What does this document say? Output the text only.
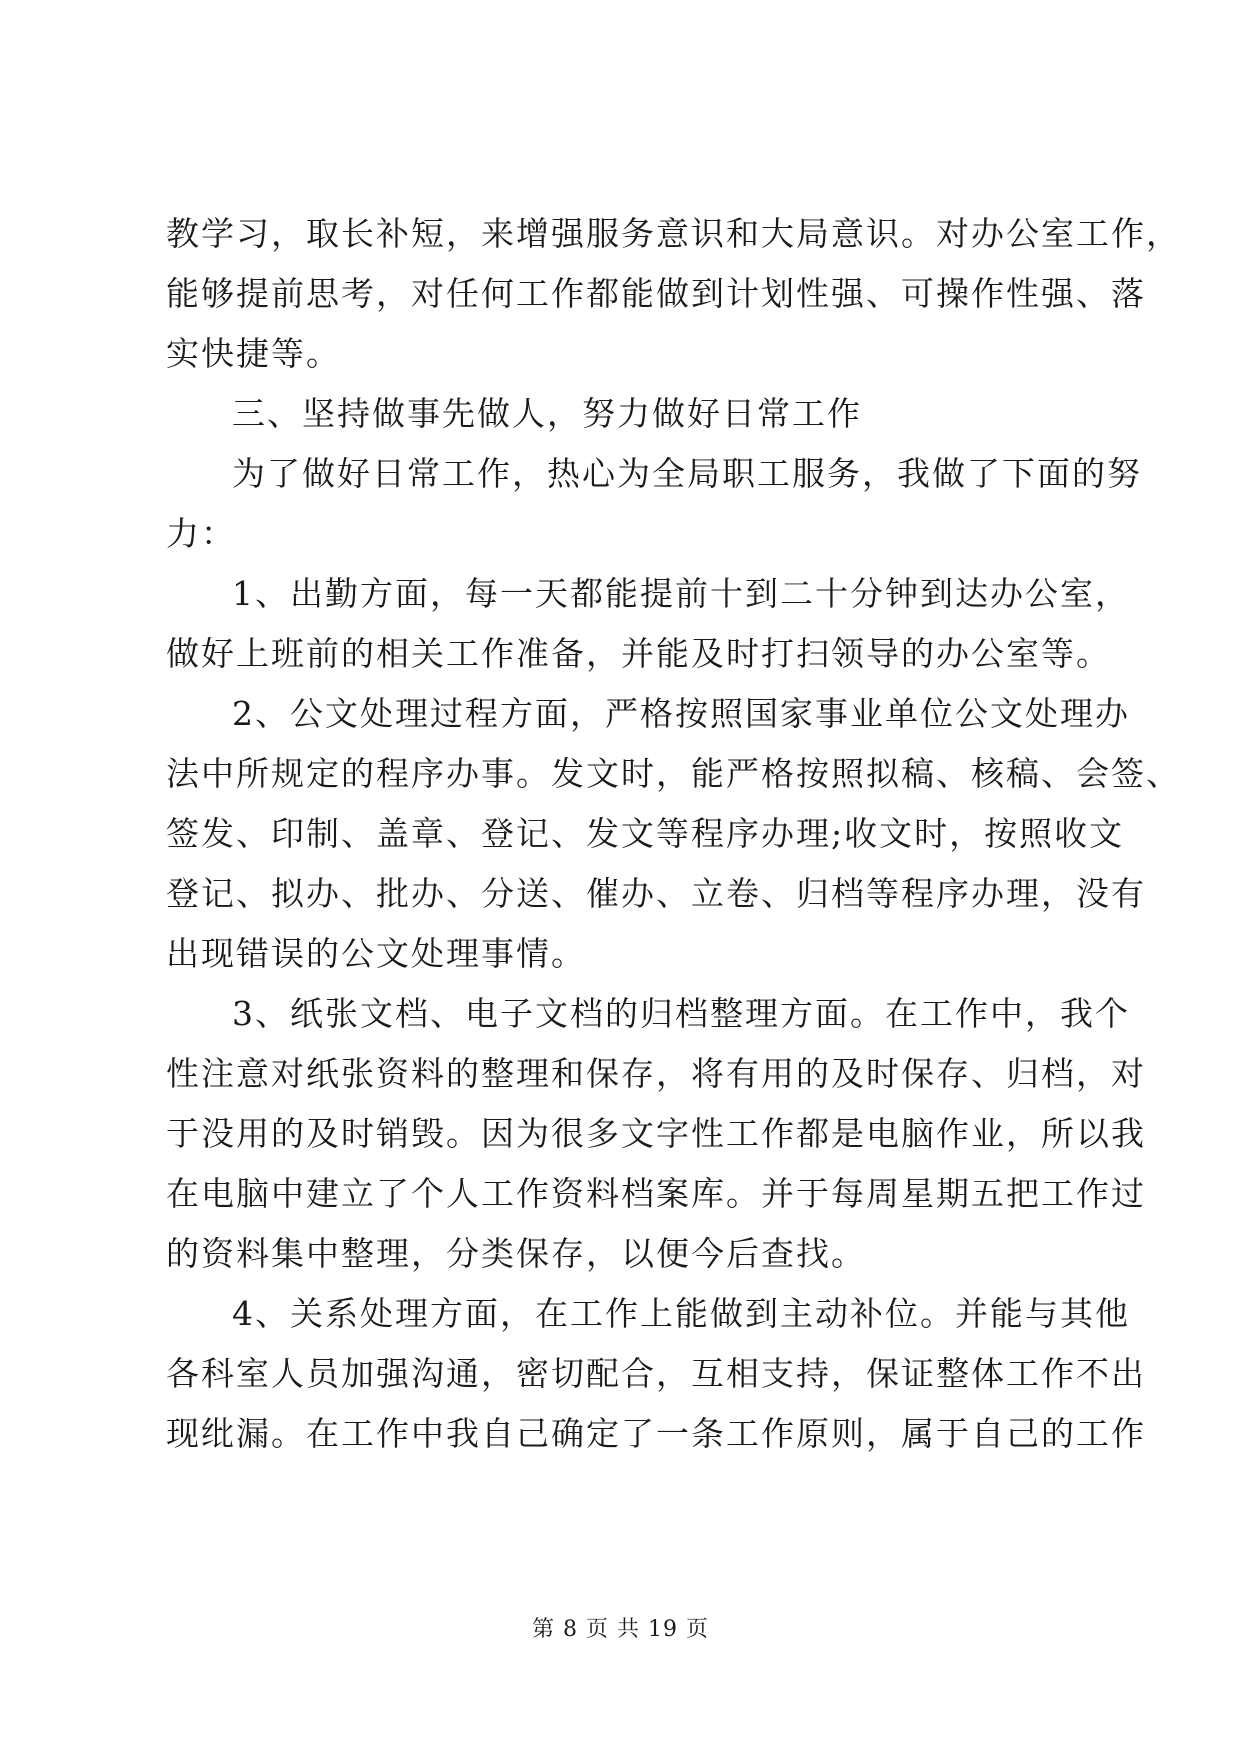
教学习，取长补短，来增强服务意识和大局意识。对办公室工作，
能够提前思考，对任何工作都能做到计划性强、可操作性强、落
实快捷等。
三、坚持做事先做人，努力做好日常工作
为了做好日常工作，热心为全局职工服务，我做了下面的努
力：
1、出勤方面，每一天都能提前十到二十分钟到达办公室，
做好上班前的相关工作准备，并能及时打扫领导的办公室等。
2、公文处理过程方面，严格按照国家事业单位公文处理办
法中所规定的程序办事。发文时，能严格按照拟稿、核稿、会签、
签发、印制、盖章、登记、发文等程序办理;收文时，按照收文
登记、拟办、批办、分送、催办、立卷、归档等程序办理，没有
出现错误的公文处理事情。
3、纸张文档、电子文档的归档整理方面。在工作中，我个
性注意对纸张资料的整理和保存，将有用的及时保存、归档，对
于没用的及时销毁。因为很多文字性工作都是电脑作业，所以我
在电脑中建立了个人工作资料档案库。并于每周星期五把工作过
的资料集中整理，分类保存，以便今后查找。
4、关系处理方面，在工作上能做到主动补位。并能与其他
各科室人员加强沟通，密切配合，互相支持，保证整体工作不出
现纰漏。在工作中我自己确定了一条工作原则，属于自己的工作
第 8 页 共 19 页
